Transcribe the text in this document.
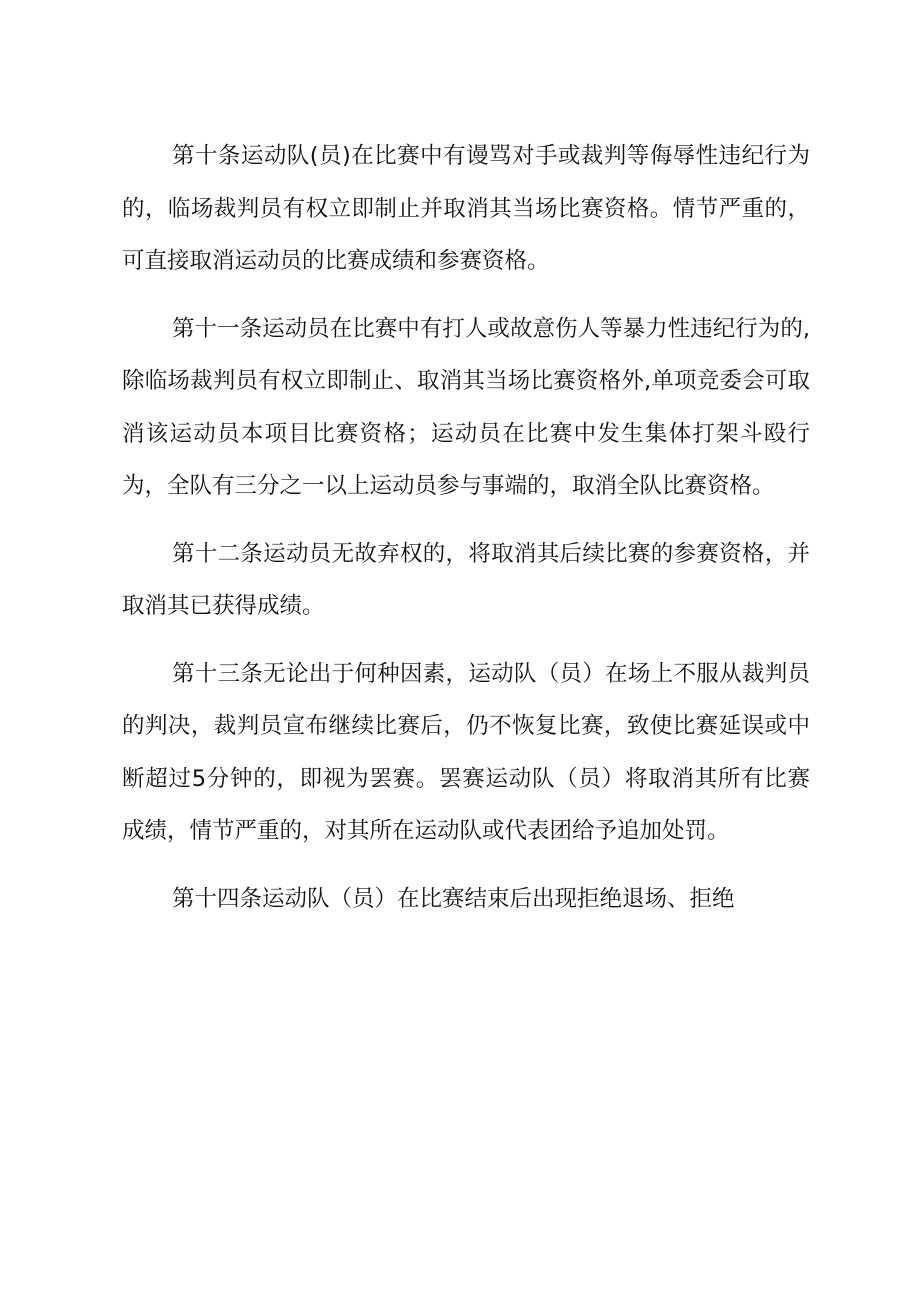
第十条运动队(员)在比赛中有谩骂对手或裁判等侮辱性违纪行为的，临场裁判员有权立即制止并取消其当场比赛资格。情节严重的，可直接取消运动员的比赛成绩和参赛资格。

第十一条运动员在比赛中有打人或故意伤人等暴力性违纪行为的,除临场裁判员有权立即制止、取消其当场比赛资格外,单项竞委会可取消该运动员本项目比赛资格；运动员在比赛中发生集体打架斗殴行为，全队有三分之一以上运动员参与事端的，取消全队比赛资格。

第十二条运动员无故弃权的，将取消其后续比赛的参赛资格，并取消其已获得成绩。

第十三条无论出于何种因素，运动队（员）在场上不服从裁判员的判决，裁判员宣布继续比赛后，仍不恢复比赛，致使比赛延误或中断超过5分钟的，即视为罢赛。罢赛运动队（员）将取消其所有比赛成绩，情节严重的，对其所在运动队或代表团给予追加处罚。

第十四条运动队（员）在比赛结束后出现拒绝退场、拒绝
